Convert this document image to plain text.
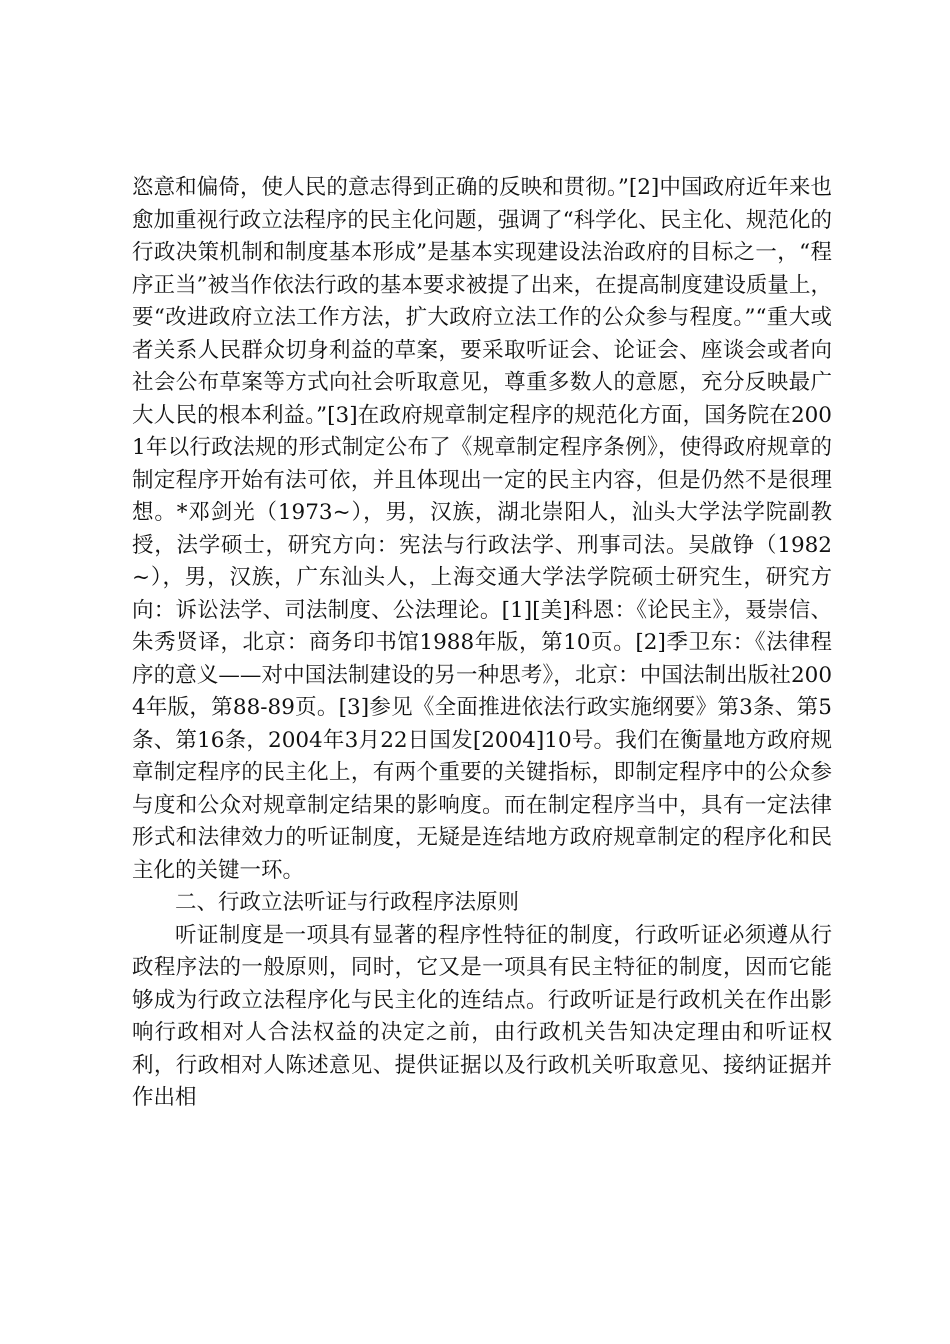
恣意和偏倚，使人民的意志得到正确的反映和贯彻。”[2]中国政府近年来也愈加重视行政立法程序的民主化问题，强调了“科学化、民主化、规范化的行政决策机制和制度基本形成”是基本实现建设法治政府的目标之一，“程序正当”被当作依法行政的基本要求被提了出来，在提高制度建设质量上，要“改进政府立法工作方法，扩大政府立法工作的公众参与程度。”“重大或者关系人民群众切身利益的草案，要采取听证会、论证会、座谈会或者向社会公布草案等方式向社会听取意见，尊重多数人的意愿，充分反映最广大人民的根本利益。”[3]在政府规章制定程序的规范化方面，国务院在2001年以行政法规的形式制定公布了《规章制定程序条例》，使得政府规章的制定程序开始有法可依，并且体现出一定的民主内容，但是仍然不是很理想。*邓剑光（1973~），男，汉族，湖北崇阳人，汕头大学法学院副教授，法学硕士，研究方向：宪法与行政法学、刑事司法。吴啟铮（1982~），男，汉族，广东汕头人，上海交通大学法学院硕士研究生，研究方向：诉讼法学、司法制度、公法理论。[1][美]科恩：《论民主》，聂崇信、朱秀贤译，北京：商务印书馆1988年版，第10页。[2]季卫东：《法律程序的意义——对中国法制建设的另一种思考》，北京：中国法制出版社2004年版，第88-89页。[3]参见《全面推进依法行政实施纲要》第3条、第5条、第16条，2004年3月22日国发[2004]10号。我们在衡量地方政府规章制定程序的民主化上，有两个重要的关键指标，即制定程序中的公众参与度和公众对规章制定结果的影响度。而在制定程序当中，具有一定法律形式和法律效力的听证制度，无疑是连结地方政府规章制定的程序化和民主化的关键一环。

二、行政立法听证与行政程序法原则

听证制度是一项具有显著的程序性特征的制度，行政听证必须遵从行政程序法的一般原则，同时，它又是一项具有民主特征的制度，因而它能够成为行政立法程序化与民主化的连结点。行政听证是行政机关在作出影响行政相对人合法权益的决定之前，由行政机关告知决定理由和听证权利，行政相对人陈述意见、提供证据以及行政机关听取意见、接纳证据并作出相
